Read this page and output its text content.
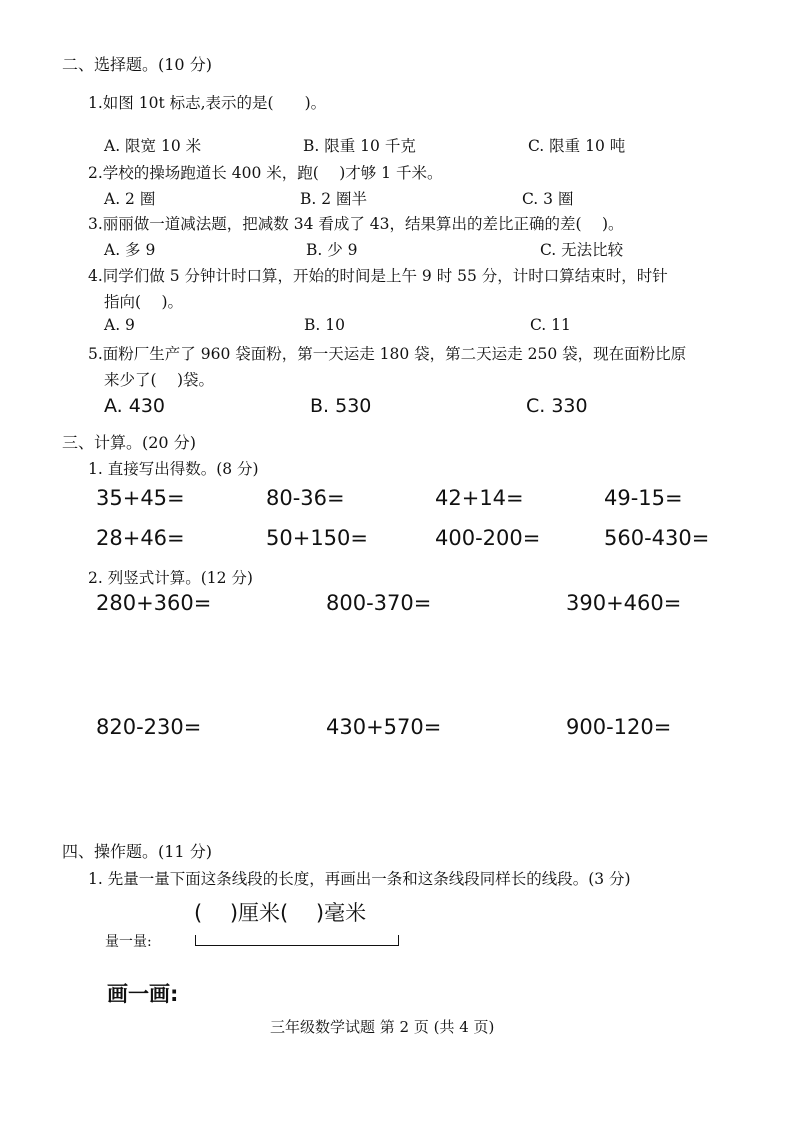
二、选择题。(10 分)
1.如图 10t 标志,表示的是(　　)。
A. 限宽 10 米	B. 限重 10 千克	C. 限重 10 吨
2.学校的操场跑道长 400 米，跑(　 )才够 1 千米。
A. 2 圈	B. 2 圈半	C. 3 圈
3.丽丽做一道减法题，把减数 34 看成了 43，结果算出的差比正确的差(　 )。
A. 多 9	B. 少 9	C. 无法比较
4.同学们做 5 分钟计时口算，开始的时间是上午 9 时 55 分，计时口算结束时，时针
指向(　 )。
A. 9	B. 10	C. 11
5.面粉厂生产了 960 袋面粉，第一天运走 180 袋，第二天运走 250 袋，现在面粉比原
来少了(　 )袋。
A. 430	B. 530	C. 330
三、计算。(20 分)
1. 直接写出得数。(8 分)
35+45=	80-36=	42+14=	49-15=
28+46=	50+150=	400-200=	560-430=
2. 列竖式计算。(12 分)
280+360=	800-370=	390+460=
820-230=	430+570=	900-120=
四、操作题。(11 分)
1. 先量一量下面这条线段的长度，再画出一条和这条线段同样长的线段。(3 分)
(　 )厘米(　 )毫米
量一量:
画一画:
三年级数学试题 第 2 页 (共 4 页)
